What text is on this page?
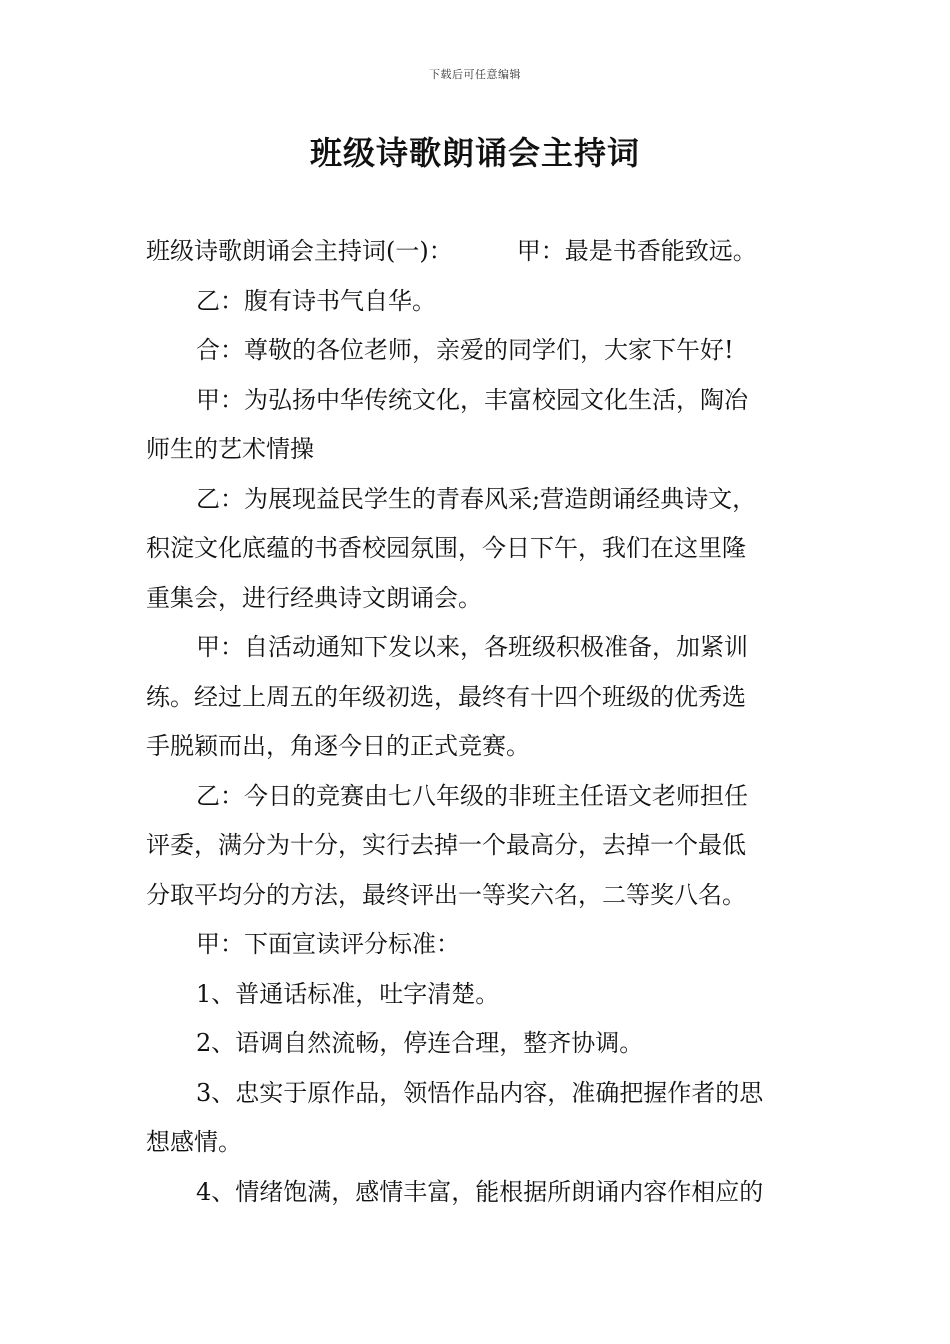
下载后可任意编辑
班级诗歌朗诵会主持词
班级诗歌朗诵会主持词(一)：	甲：最是书香能致远。
乙：腹有诗书气自华。
合：尊敬的各位老师，亲爱的同学们，大家下午好!
甲：为弘扬中华传统文化，丰富校园文化生活，陶冶
师生的艺术情操
乙：为展现益民学生的青春风采;营造朗诵经典诗文，
积淀文化底蕴的书香校园氛围，今日下午，我们在这里隆
重集会，进行经典诗文朗诵会。
甲：自活动通知下发以来，各班级积极准备，加紧训
练。经过上周五的年级初选，最终有十四个班级的优秀选
手脱颖而出，角逐今日的正式竞赛。
乙：今日的竞赛由七八年级的非班主任语文老师担任
评委，满分为十分，实行去掉一个最高分，去掉一个最低
分取平均分的方法，最终评出一等奖六名，二等奖八名。
甲：下面宣读评分标准：
1、普通话标准，吐字清楚。
2、语调自然流畅，停连合理，整齐协调。
3、忠实于原作品，领悟作品内容，准确把握作者的思
想感情。
4、情绪饱满，感情丰富，能根据所朗诵内容作相应的
